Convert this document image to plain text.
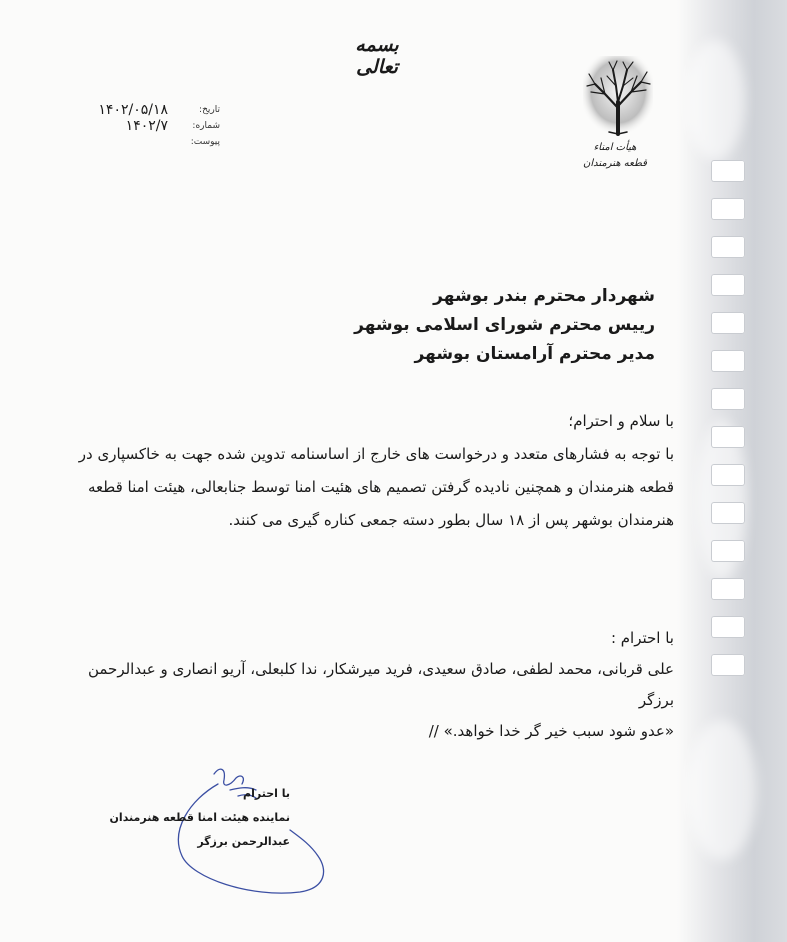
بسمه تعالی
هیأت امناء
قطعه هنرمندان
تاریخ:
۱۴۰۲/۰۵/۱۸
شماره:
۱۴۰۲/۷
پیوست:
شهردار محترم بندر بوشهر
رییس محترم شورای اسلامی بوشهر
مدیر محترم آرامستان بوشهر

با سلام و احترام؛

با توجه به فشارهای متعدد و درخواست های خارج از اساسنامه تدوین شده جهت به خاکسپاری در قطعه هنرمندان و همچنین نادیده گرفتن تصمیم های هئیت امنا توسط جنابعالی، هیئت امنا قطعه هنرمندان بوشهر پس از ۱۸ سال بطور دسته جمعی کناره گیری می کنند.

با احترام :

علی قربانی، محمد لطفی، صادق سعیدی، فرید میرشکار، ندا کلبعلی، آریو انصاری و عبدالرحمن برزگر

«عدو شود سبب خیر گر خدا خواهد.» //

با احترام
نماینده هیئت امنا قطعه هنرمندان
عبدالرحمن برزگر
